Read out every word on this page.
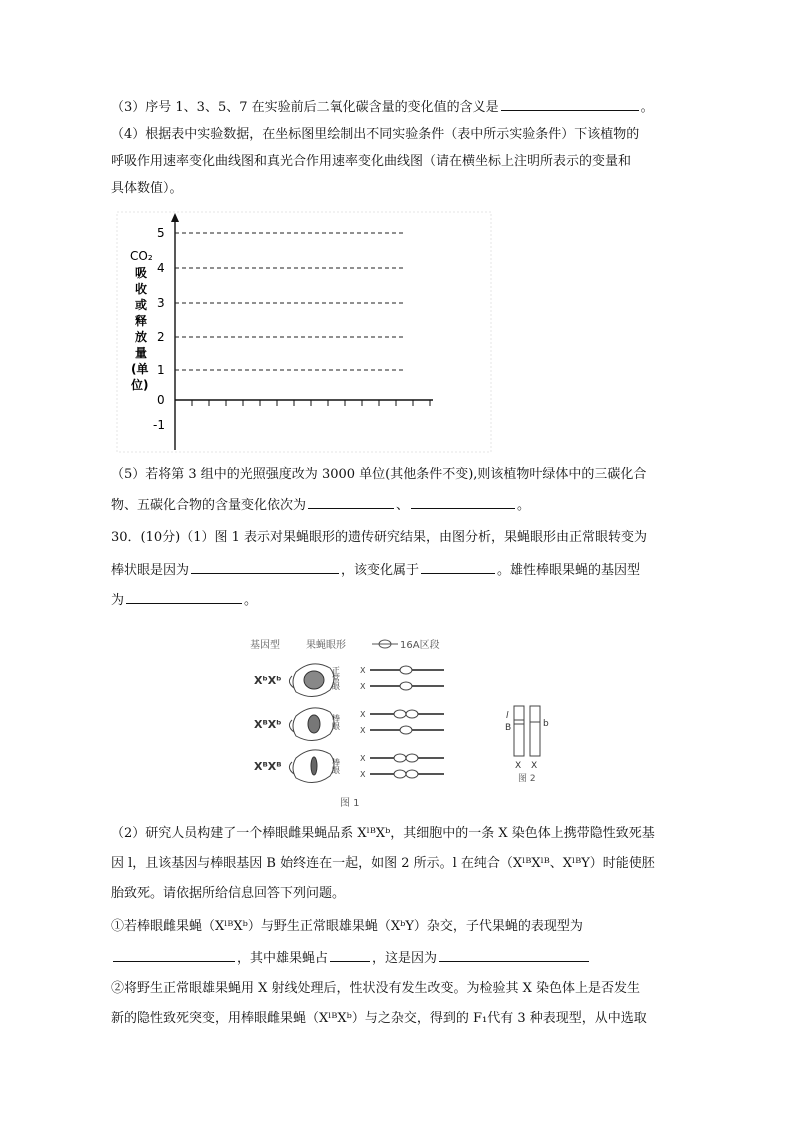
（3）序号 1、3、5、7 在实验前后二氧化碳含量的变化值的含义是	。
（4）根据表中实验数据，在坐标图里绘制出不同实验条件（表中所示实验条件）下该植物的
呼吸作用速率变化曲线图和真光合作用速率变化曲线图（请在横坐标上注明所表示的变量和
具体数值）。
CO₂
吸
收
或
释
放
量
(单
位)
5
4
3
2
1
0
-1
（5）若将第 3 组中的光照强度改为 3000 单位(其他条件不变),则该植物叶绿体中的三碳化合
物、五碳化合物的含量变化依次为	、	。
30．(10分)（1）图 1 表示对果蝇眼形的遗传研究结果，由图分析，果蝇眼形由正常眼转变为
棒状眼是因为	，该变化属于	。雄性棒眼果蝇的基因型
为	。
基因型	果蝇眼形	16A区段
XᵇXᵇ	正常眼 X
X
XᴮXᵇ	棒眼 X
X
XᴮXᴮ	棒眼 X
X
图 1
l
B	b
X X
图 2
（2）研究人员构建了一个棒眼雌果蝇品系 XˡᴮXᵇ，其细胞中的一条 X 染色体上携带隐性致死基
因 l，且该基因与棒眼基因 B 始终连在一起，如图 2 所示。l 在纯合（XˡᴮXˡᴮ、XˡᴮY）时能使胚
胎致死。请依据所给信息回答下列问题。
①若棒眼雌果蝇（XˡᴮXᵇ）与野生正常眼雄果蝇（XᵇY）杂交，子代果蝇的表现型为
，其中雄果蝇占	，这是因为
②将野生正常眼雄果蝇用 X 射线处理后，性状没有发生改变。为检验其 X 染色体上是否发生
新的隐性致死突变，用棒眼雌果蝇（XˡᴮXᵇ）与之杂交，得到的 F₁代有 3 种表现型，从中选取
